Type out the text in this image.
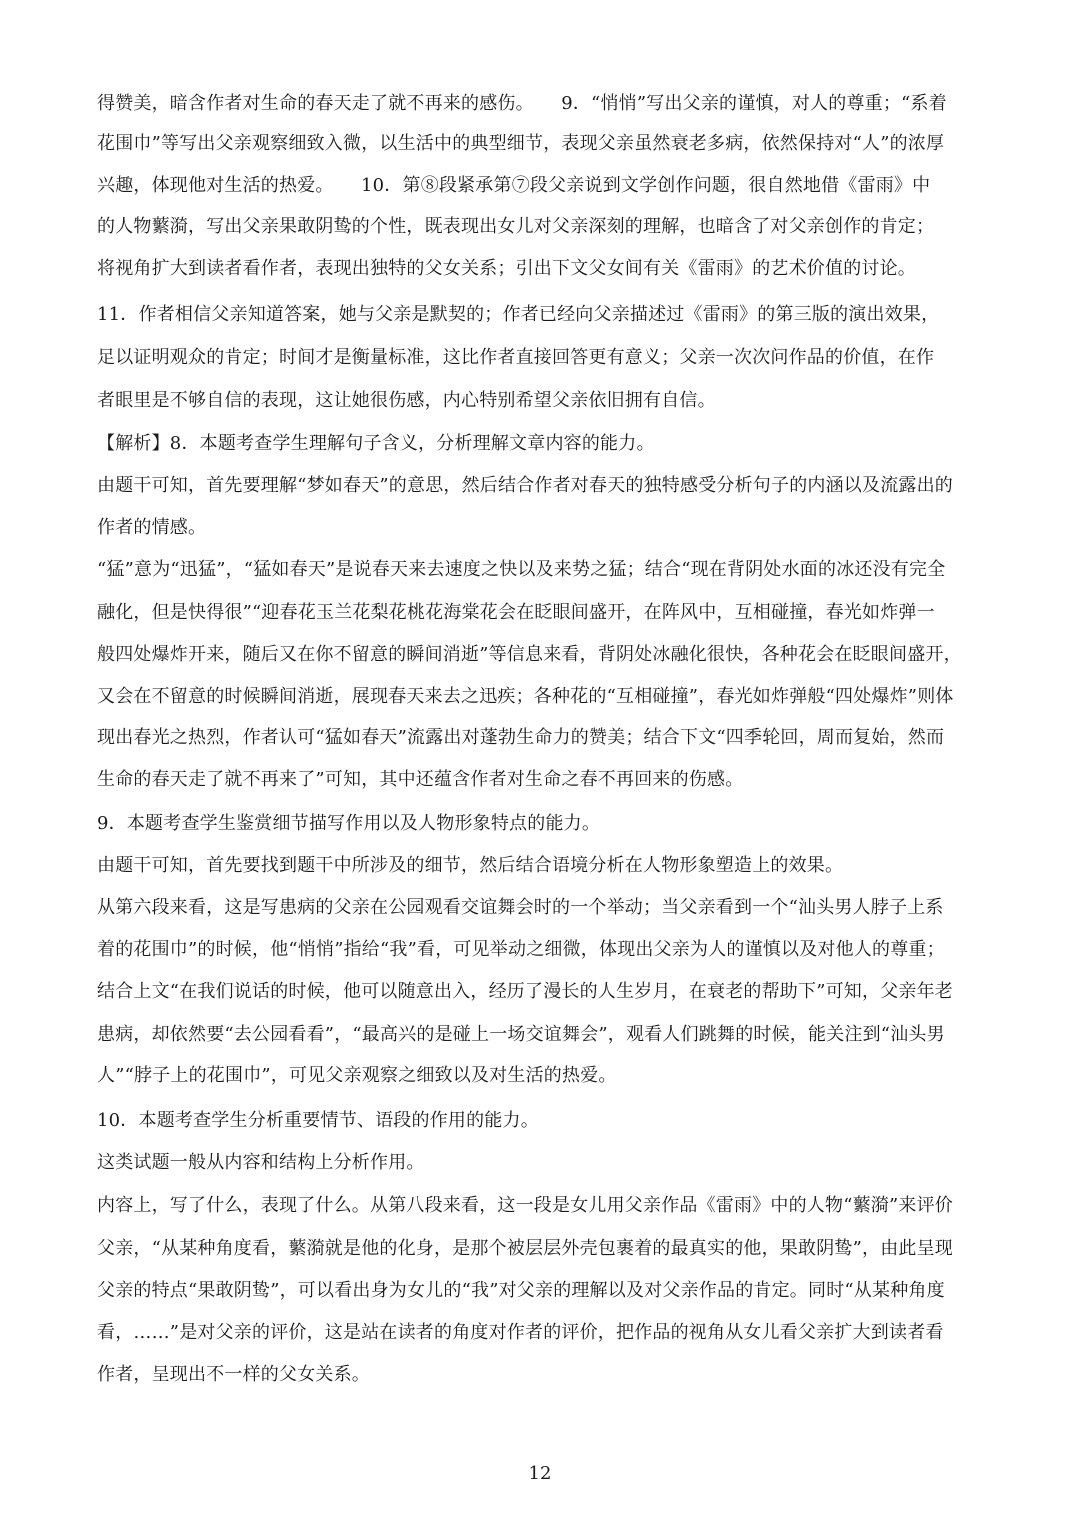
得赞美，暗含作者对生命的春天走了就不再来的感伤。　　9．“悄悄”写出父亲的谨慎，对人的尊重；“系着
花围巾”等写出父亲观察细致入微，以生活中的典型细节，表现父亲虽然衰老多病，依然保持对“人”的浓厚
兴趣，体现他对生活的热爱。　　10．第⑧段紧承第⑦段父亲说到文学创作问题，很自然地借《雷雨》中
的人物蘩漪，写出父亲果敢阴鸷的个性，既表现出女儿对父亲深刻的理解，也暗含了对父亲创作的肯定；
将视角扩大到读者看作者，表现出独特的父女关系；引出下文父女间有关《雷雨》的艺术价值的讨论。
11．作者相信父亲知道答案，她与父亲是默契的；作者已经向父亲描述过《雷雨》的第三版的演出效果，
足以证明观众的肯定；时间才是衡量标准，这比作者直接回答更有意义；父亲一次次问作品的价值，在作
者眼里是不够自信的表现，这让她很伤感，内心特别希望父亲依旧拥有自信。
【解析】8．本题考查学生理解句子含义，分析理解文章内容的能力。
由题干可知，首先要理解“梦如春天”的意思，然后结合作者对春天的独特感受分析句子的内涵以及流露出的
作者的情感。
“猛”意为“迅猛”，“猛如春天”是说春天来去速度之快以及来势之猛；结合“现在背阴处水面的冰还没有完全
融化，但是快得很”“迎春花玉兰花梨花桃花海棠花会在眨眼间盛开，在阵风中，互相碰撞，春光如炸弹一
般四处爆炸开来，随后又在你不留意的瞬间消逝”等信息来看，背阴处冰融化很快，各种花会在眨眼间盛开，
又会在不留意的时候瞬间消逝，展现春天来去之迅疾；各种花的“互相碰撞”，春光如炸弹般“四处爆炸”则体
现出春光之热烈，作者认可“猛如春天”流露出对蓬勃生命力的赞美；结合下文“四季轮回，周而复始，然而
生命的春天走了就不再来了”可知，其中还蕴含作者对生命之春不再回来的伤感。
9．本题考查学生鉴赏细节描写作用以及人物形象特点的能力。
由题干可知，首先要找到题干中所涉及的细节，然后结合语境分析在人物形象塑造上的效果。
从第六段来看，这是写患病的父亲在公园观看交谊舞会时的一个举动；当父亲看到一个“汕头男人脖子上系
着的花围巾”的时候，他“悄悄”指给“我”看，可见举动之细微，体现出父亲为人的谨慎以及对他人的尊重；
结合上文“在我们说话的时候，他可以随意出入，经历了漫长的人生岁月，在衰老的帮助下”可知，父亲年老
患病，却依然要“去公园看看”，“最高兴的是碰上一场交谊舞会”，观看人们跳舞的时候，能关注到“汕头男
人”“脖子上的花围巾”，可见父亲观察之细致以及对生活的热爱。
10．本题考查学生分析重要情节、语段的作用的能力。
这类试题一般从内容和结构上分析作用。
内容上，写了什么，表现了什么。从第八段来看，这一段是女儿用父亲作品《雷雨》中的人物“蘩漪”来评价
父亲，“从某种角度看，蘩漪就是他的化身，是那个被层层外壳包裹着的最真实的他，果敢阴鸷”，由此呈现
父亲的特点“果敢阴鸷”，可以看出身为女儿的“我”对父亲的理解以及对父亲作品的肯定。同时“从某种角度
看，……”是对父亲的评价，这是站在读者的角度对作者的评价，把作品的视角从女儿看父亲扩大到读者看
作者，呈现出不一样的父女关系。
12
